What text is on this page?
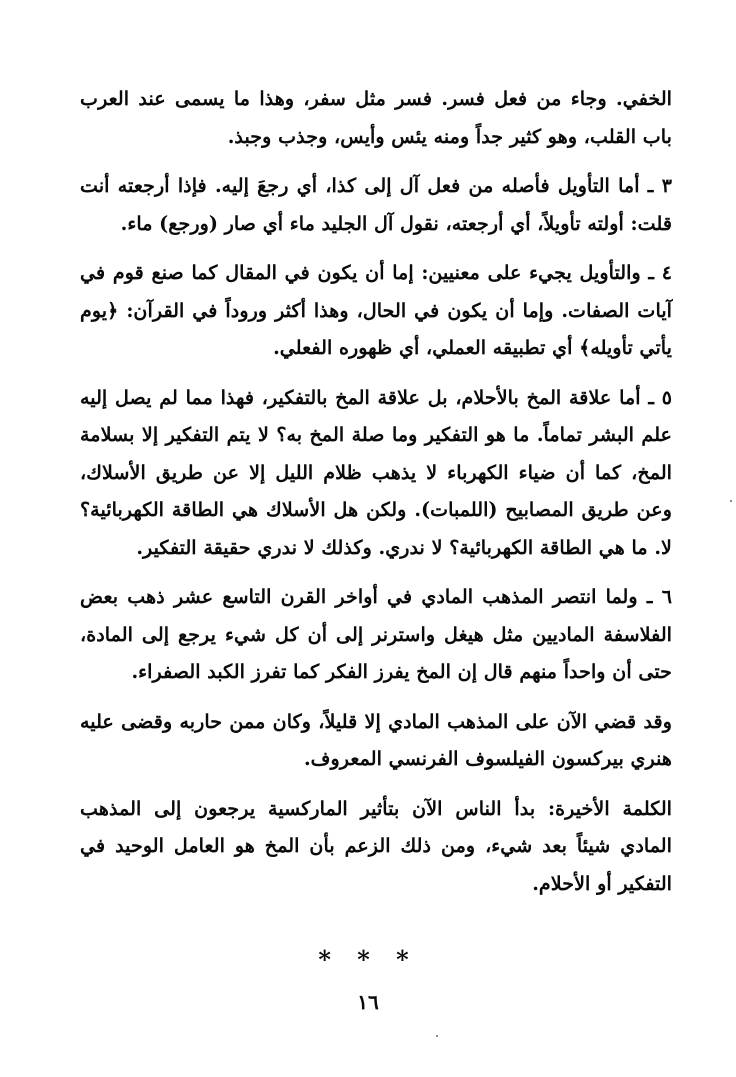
الخفي. وجاء من فعل فسر. فسر مثل سفر، وهذا ما يسمى عند العرب باب القلب، وهو كثير جداً ومنه يئس وأيس، وجذب وجبذ.

٣ ـ أما التأويل فأصله من فعل آل إلى كذا، أي رجعَ إليه. فإذا أرجعته أنت قلت: أولته تأويلاً، أي أرجعته، نقول آل الجليد ماء أي صار (ورجع) ماء.

٤ ـ والتأويل يجيء على معنيين: إما أن يكون في المقال كما صنع قوم في آيات الصفات. وإما أن يكون في الحال، وهذا أكثر وروداً في القرآن: ﴿يوم يأتي تأويله﴾ أي تطبيقه العملي، أي ظهوره الفعلي.

٥ ـ أما علاقة المخ بالأحلام، بل علاقة المخ بالتفكير، فهذا مما لم يصل إليه علم البشر تماماً. ما هو التفكير وما صلة المخ به؟ لا يتم التفكير إلا بسلامة المخ، كما أن ضياء الكهرباء لا يذهب ظلام الليل إلا عن طريق الأسلاك، وعن طريق المصابيح (اللمبات). ولكن هل الأسلاك هي الطاقة الكهربائية؟ لا. ما هي الطاقة الكهربائية؟ لا ندري. وكذلك لا ندري حقيقة التفكير.

٦ ـ ولما انتصر المذهب المادي في أواخر القرن التاسع عشر ذهب بعض الفلاسفة الماديين مثل هيغل واسترنر إلى أن كل شيء يرجع إلى المادة، حتى أن واحداً منهم قال إن المخ يفرز الفكر كما تفرز الكبد الصفراء.

وقد قضي الآن على المذهب المادي إلا قليلاً، وكان ممن حاربه وقضى عليه هنري بيركسون الفيلسوف الفرنسي المعروف.

الكلمة الأخيرة: بدأ الناس الآن بتأثير الماركسية يرجعون إلى المذهب المادي شيئاً بعد شيء، ومن ذلك الزعم بأن المخ هو العامل الوحيد في التفكير أو الأحلام.

* * *
١٦
